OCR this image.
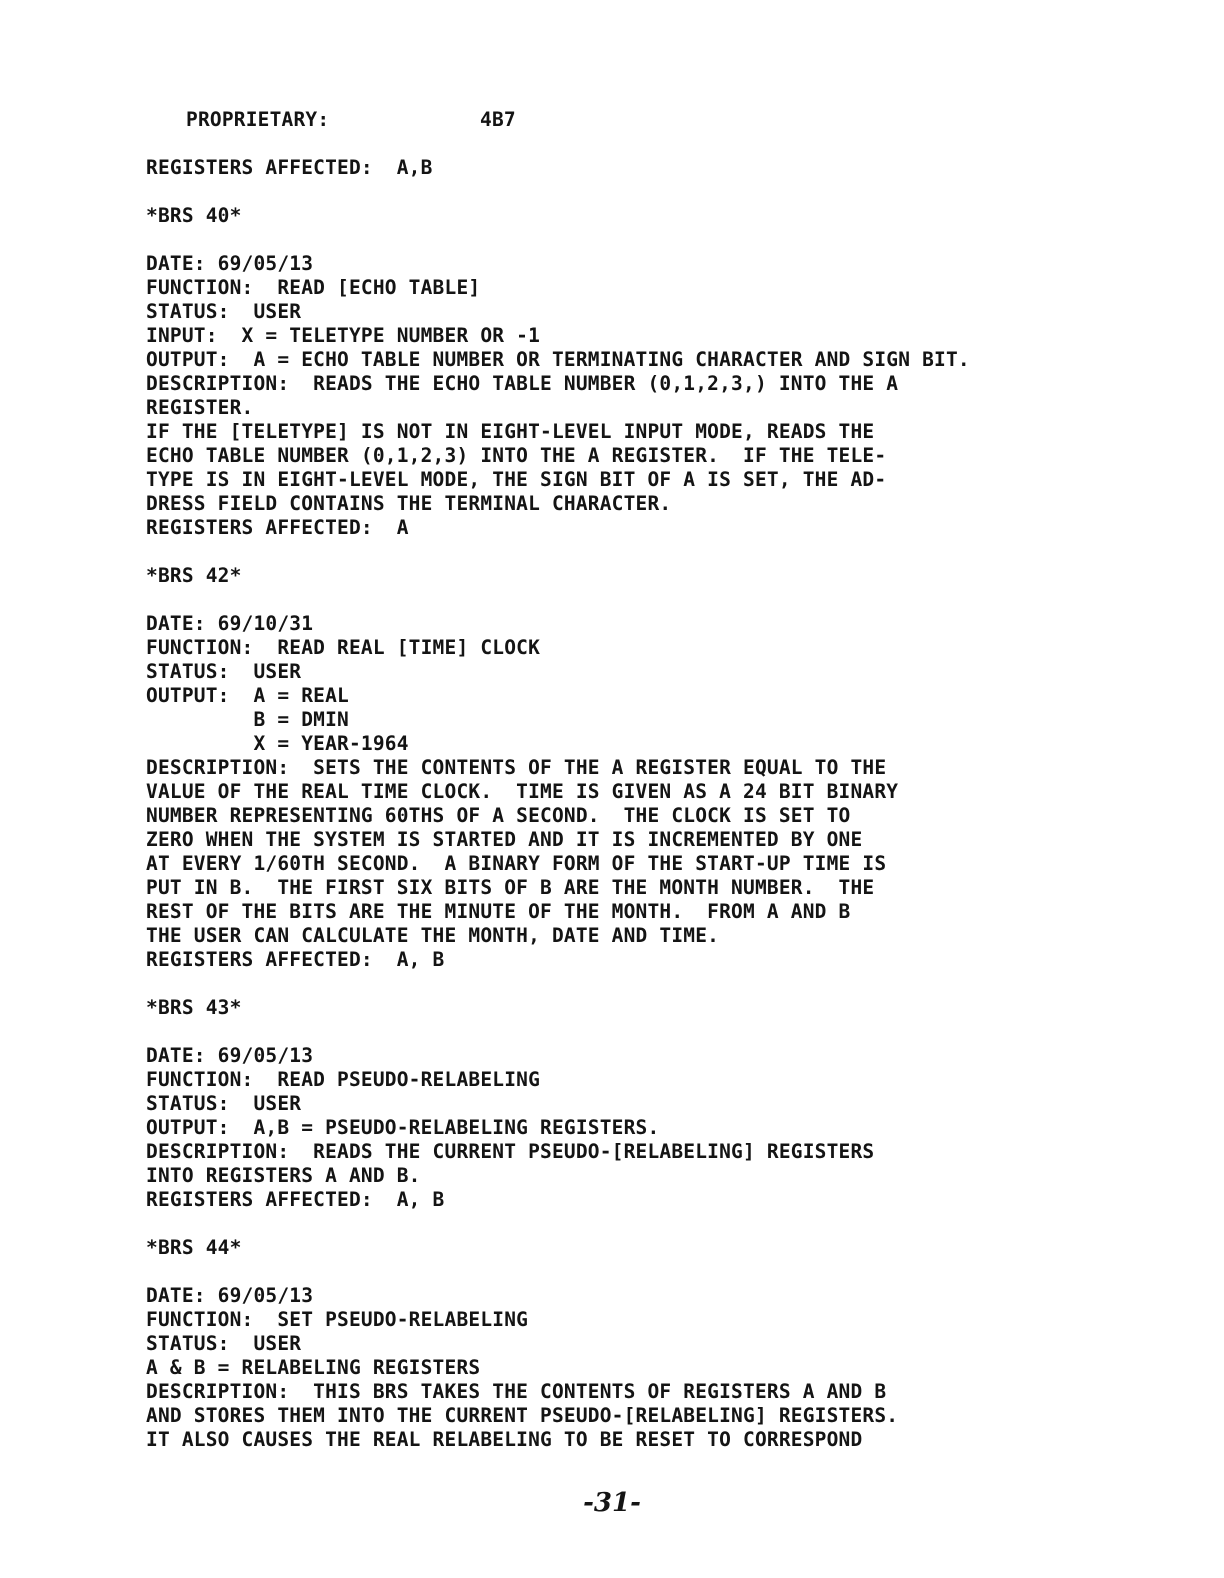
PROPRIETARY:	4B7
REGISTERS AFFECTED:  A,B
*BRS 40*
DATE: 69/05/13
FUNCTION:  READ [ECHO TABLE]
STATUS:  USER
INPUT:  X = TELETYPE NUMBER OR -1
OUTPUT:  A = ECHO TABLE NUMBER OR TERMINATING CHARACTER AND SIGN BIT.
DESCRIPTION:  READS THE ECHO TABLE NUMBER (0,1,2,3,) INTO THE A
REGISTER.
IF THE [TELETYPE] IS NOT IN EIGHT-LEVEL INPUT MODE, READS THE
ECHO TABLE NUMBER (0,1,2,3) INTO THE A REGISTER.  IF THE TELE-
TYPE IS IN EIGHT-LEVEL MODE, THE SIGN BIT OF A IS SET, THE AD-
DRESS FIELD CONTAINS THE TERMINAL CHARACTER.
REGISTERS AFFECTED:  A
*BRS 42*
DATE: 69/10/31
FUNCTION:  READ REAL [TIME] CLOCK
STATUS:  USER
OUTPUT:  A = REAL
B = DMIN
X = YEAR-1964
DESCRIPTION:  SETS THE CONTENTS OF THE A REGISTER EQUAL TO THE
VALUE OF THE REAL TIME CLOCK.  TIME IS GIVEN AS A 24 BIT BINARY
NUMBER REPRESENTING 60THS OF A SECOND.  THE CLOCK IS SET TO
ZERO WHEN THE SYSTEM IS STARTED AND IT IS INCREMENTED BY ONE
AT EVERY 1/60TH SECOND.  A BINARY FORM OF THE START-UP TIME IS
PUT IN B.  THE FIRST SIX BITS OF B ARE THE MONTH NUMBER.  THE
REST OF THE BITS ARE THE MINUTE OF THE MONTH.  FROM A AND B
THE USER CAN CALCULATE THE MONTH, DATE AND TIME.
REGISTERS AFFECTED:  A, B
*BRS 43*
DATE: 69/05/13
FUNCTION:  READ PSEUDO-RELABELING
STATUS:  USER
OUTPUT:  A,B = PSEUDO-RELABELING REGISTERS.
DESCRIPTION:  READS THE CURRENT PSEUDO-[RELABELING] REGISTERS
INTO REGISTERS A AND B.
REGISTERS AFFECTED:  A, B
*BRS 44*
DATE: 69/05/13
FUNCTION:  SET PSEUDO-RELABELING
STATUS:  USER
A & B = RELABELING REGISTERS
DESCRIPTION:  THIS BRS TAKES THE CONTENTS OF REGISTERS A AND B
AND STORES THEM INTO THE CURRENT PSEUDO-[RELABELING] REGISTERS.
IT ALSO CAUSES THE REAL RELABELING TO BE RESET TO CORRESPOND
-31-
